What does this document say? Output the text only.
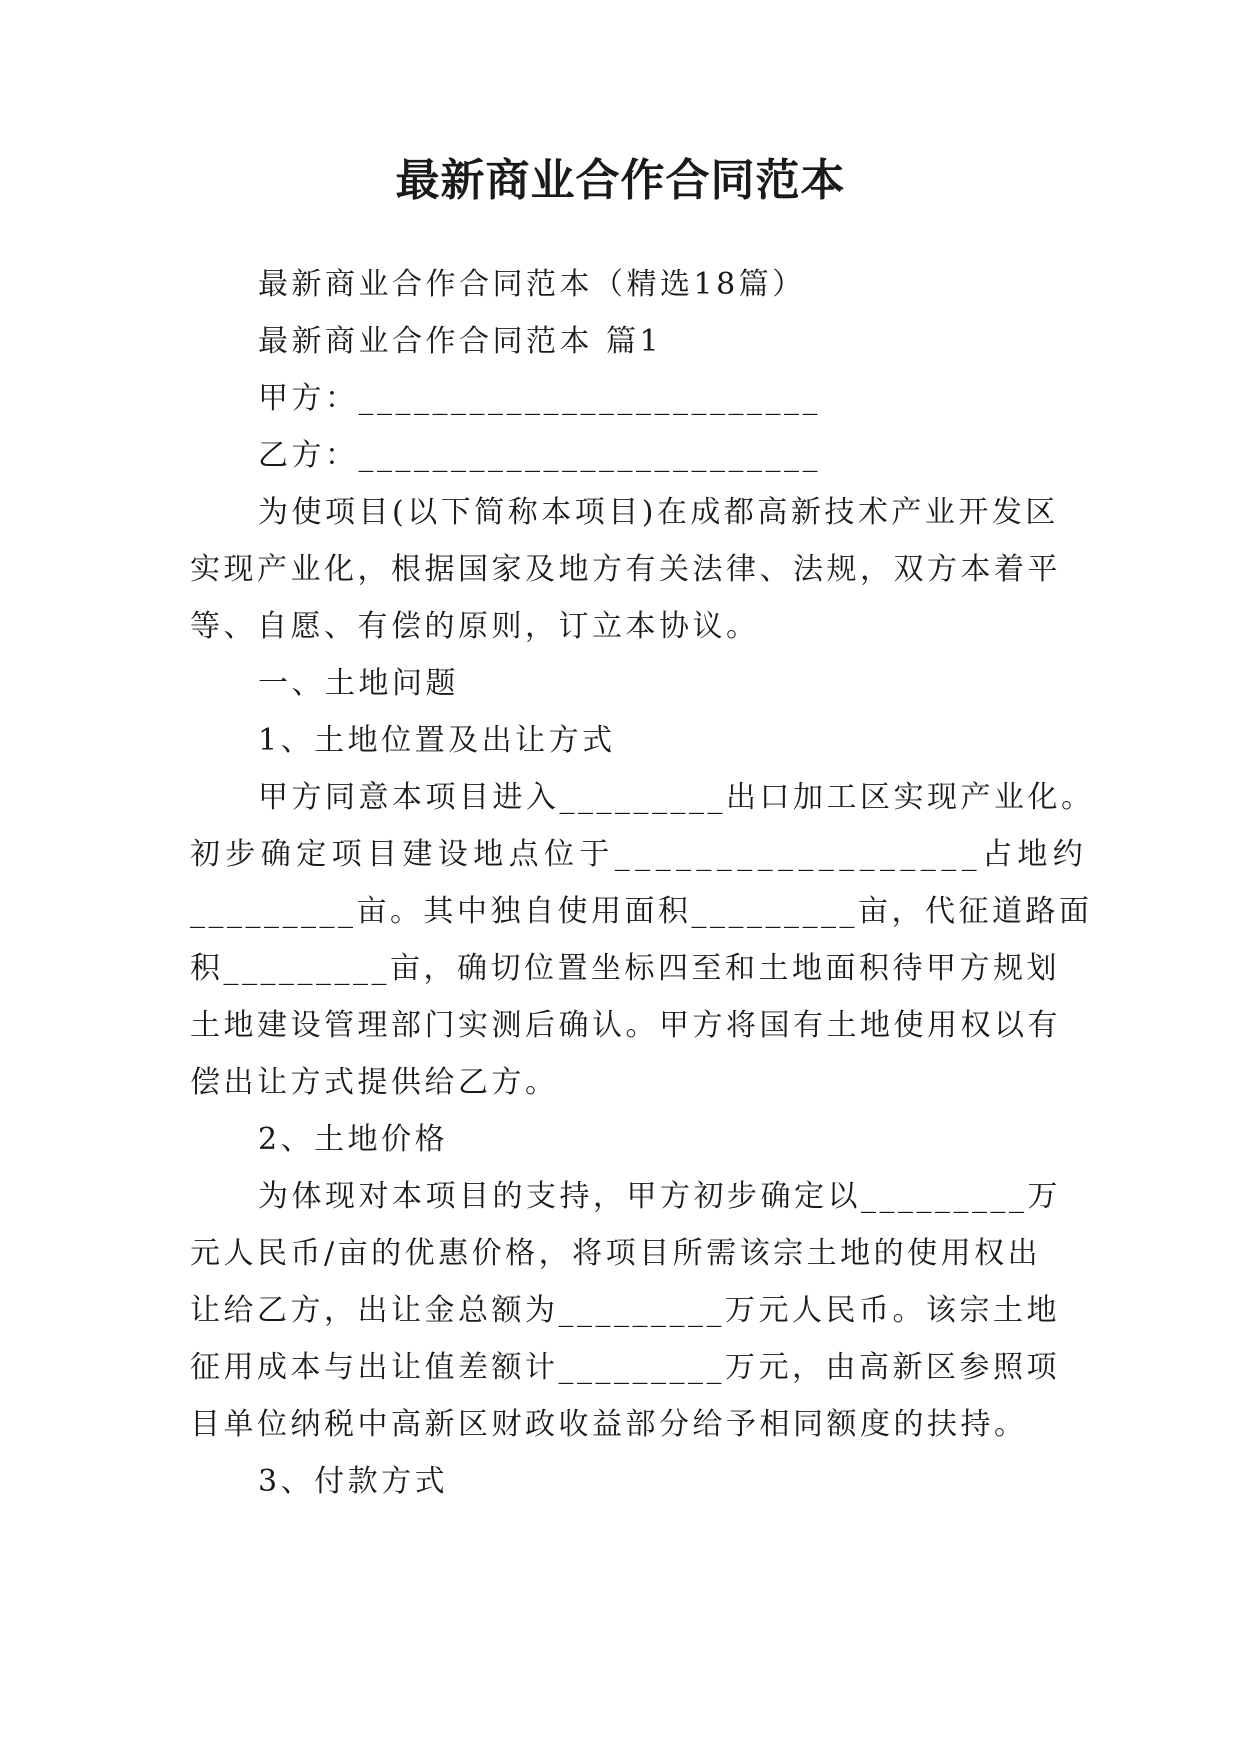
最新商业合作合同范本
最新商业合作合同范本（精选18篇）
最新商业合作合同范本 篇1
甲方：_________________________
乙方：_________________________
为使项目(以下简称本项目)在成都高新技术产业开发区
实现产业化，根据国家及地方有关法律、法规，双方本着平
等、自愿、有偿的原则，订立本协议。
一、土地问题
1、土地位置及出让方式
甲方同意本项目进入_________出口加工区实现产业化。
初步确定项目建设地点位于__________________占地约
_________亩。其中独自使用面积_________亩，代征道路面
积_________亩，确切位置坐标四至和土地面积待甲方规划
土地建设管理部门实测后确认。甲方将国有土地使用权以有
偿出让方式提供给乙方。
2、土地价格
为体现对本项目的支持，甲方初步确定以_________万
元人民币/亩的优惠价格，将项目所需该宗土地的使用权出
让给乙方，出让金总额为_________万元人民币。该宗土地
征用成本与出让值差额计_________万元，由高新区参照项
目单位纳税中高新区财政收益部分给予相同额度的扶持。
3、付款方式
